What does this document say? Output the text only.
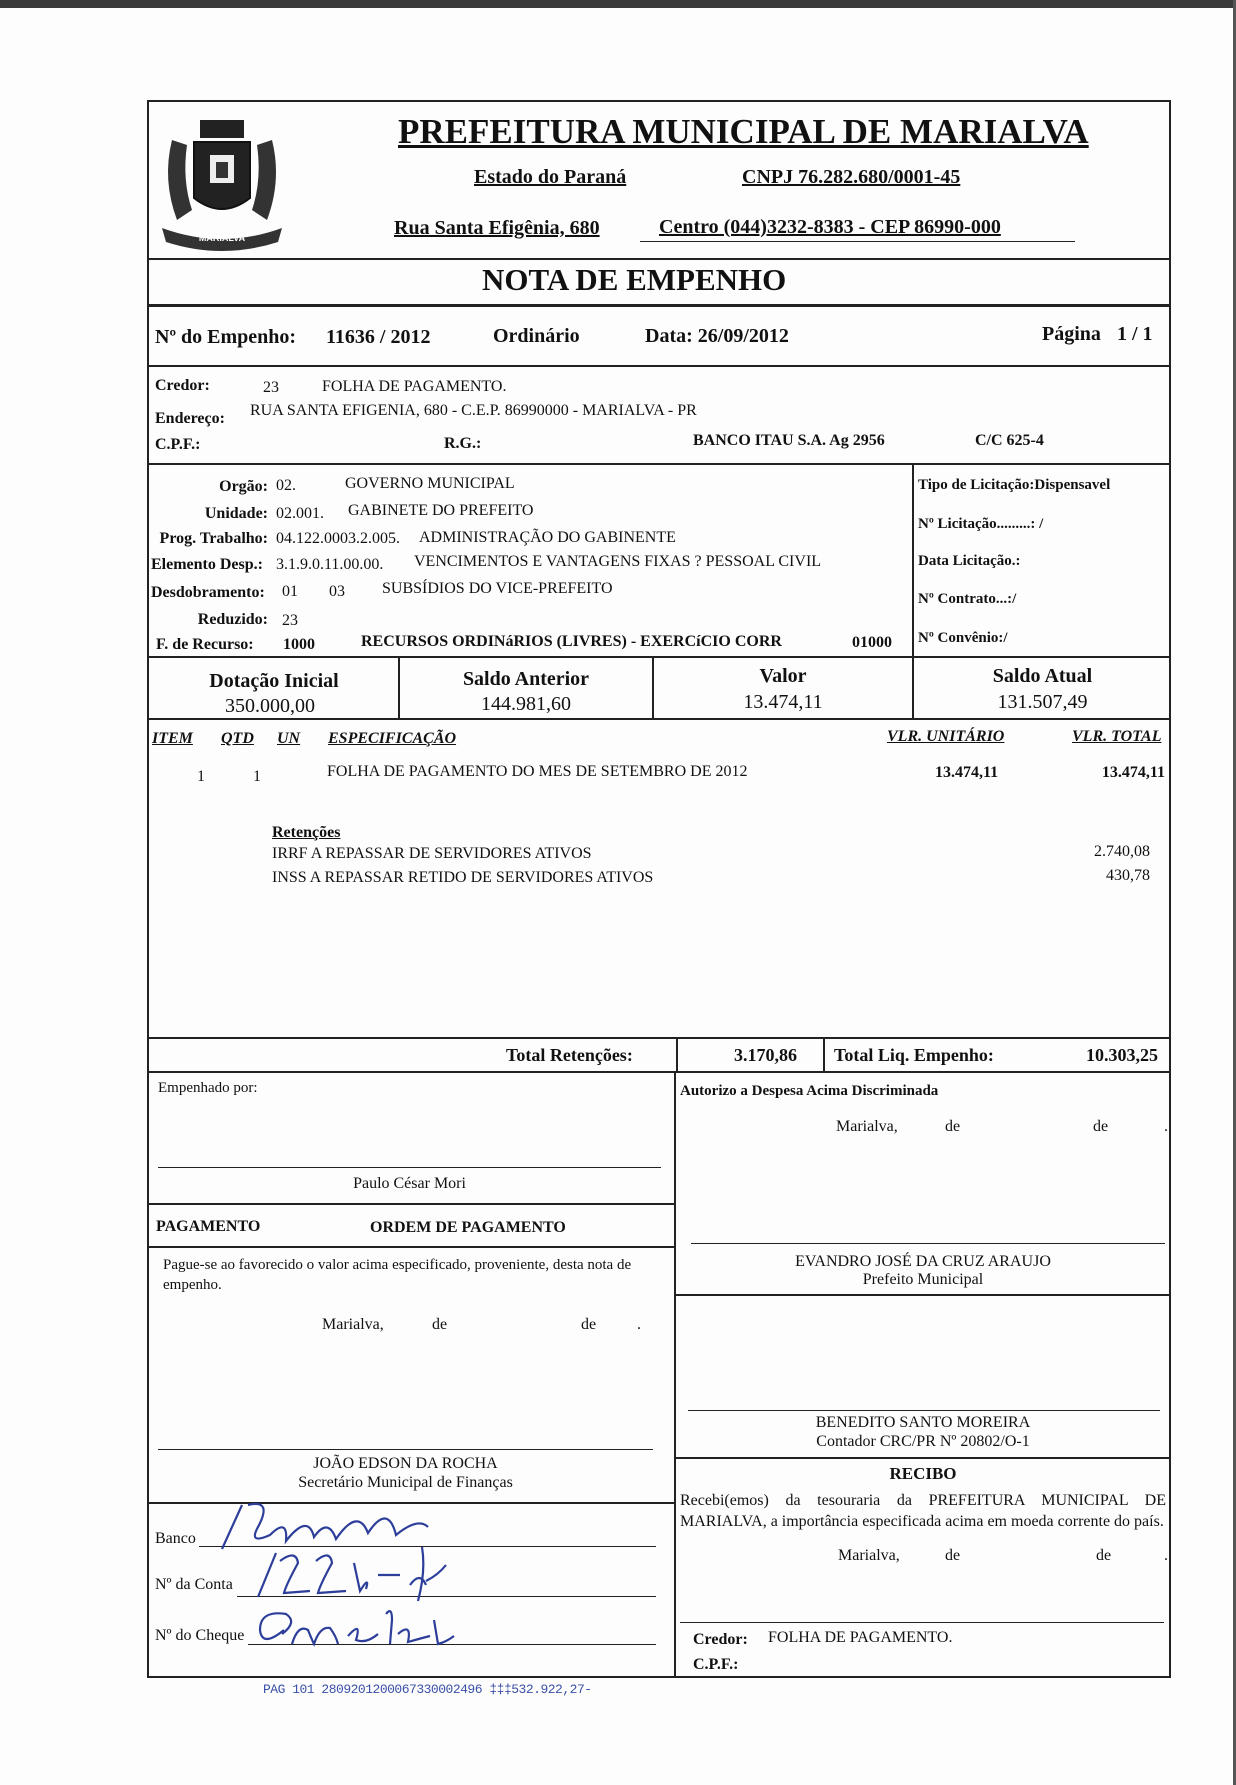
MARIALVA
PREFEITURA MUNICIPAL DE MARIALVA
Estado do Paraná	CNPJ 76.282.680/0001-45
Rua Santa Efigênia, 680	Centro (044)3232-8383 - CEP 86990-000
NOTA DE EMPENHO
Nº do Empenho: 11636 / 2012	Ordinário	Data: 26/09/2012	Página 1 / 1
Credor:	23	FOLHA DE PAGAMENTO.
Endereço: RUA SANTA EFIGENIA, 680 - C.E.P. 86990000 - MARIALVA - PR
C.P.F.:	R.G.:	BANCO ITAU S.A. Ag 2956	C/C 625-4
Orgão: 02.	GOVERNO MUNICIPAL
Unidade: 02.001. GABINETE DO PREFEITO
Prog. Trabalho: 04.122.0003.2.005. ADMINISTRAÇÃO DO GABINENTE
Elemento Desp.: 3.1.9.0.11.00.00. VENCIMENTOS E VANTAGENS FIXAS ? PESSOAL CIVIL
Desdobramento: 01 03 SUBSÍDIOS DO VICE-PREFEITO
Reduzido: 23
F. de Recurso: 1000	RECURSOS ORDINáRIOS (LIVRES) - EXERCíCIO CORR	01000
Tipo de Licitação:Dispensavel
Nº Licitação.........: /
Data Licitação.:
Nº Contrato...:/
Nº Convênio:/
Dotação Inicial
350.000,00
Saldo Anterior
144.981,60
Valor
13.474,11
Saldo Atual
131.507,49
ITEM QTD UN ESPECIFICAÇÃO	VLR. UNITÁRIO	VLR. TOTAL
1	1	FOLHA DE PAGAMENTO DO MES DE SETEMBRO DE 2012	13.474,11	13.474,11
Retenções
IRRF A REPASSAR DE SERVIDORES ATIVOS	2.740,08
INSS A REPASSAR RETIDO DE SERVIDORES ATIVOS	430,78
Total Retenções:	3.170,86 Total Liq. Empenho:	10.303,25
Empenhado por:
Paulo César Mori
PAGAMENTO	ORDEM DE PAGAMENTO
Pague-se ao favorecido o valor acima especificado, proveniente, desta nota de empenho.
Marialva,	de	de	.
JOÃO EDSON DA ROCHA
Secretário Municipal de Finanças
Banco
Nº da Conta
Nº do Cheque
Autorizo a Despesa Acima Discriminada
Marialva,	de	de	.
EVANDRO JOSÉ DA CRUZ ARAUJO
Prefeito Municipal
BENEDITO SANTO MOREIRA
Contador CRC/PR Nº 20802/O-1
RECIBO
Recebi(emos) da tesouraria da PREFEITURA MUNICIPAL DE MARIALVA, a importância especificada acima em moeda corrente do país.
Marialva,	de	de	.
Credor: FOLHA DE PAGAMENTO.
C.P.F.:
PAG 101 2809201200067330002496 ‡‡‡532.922,27-
